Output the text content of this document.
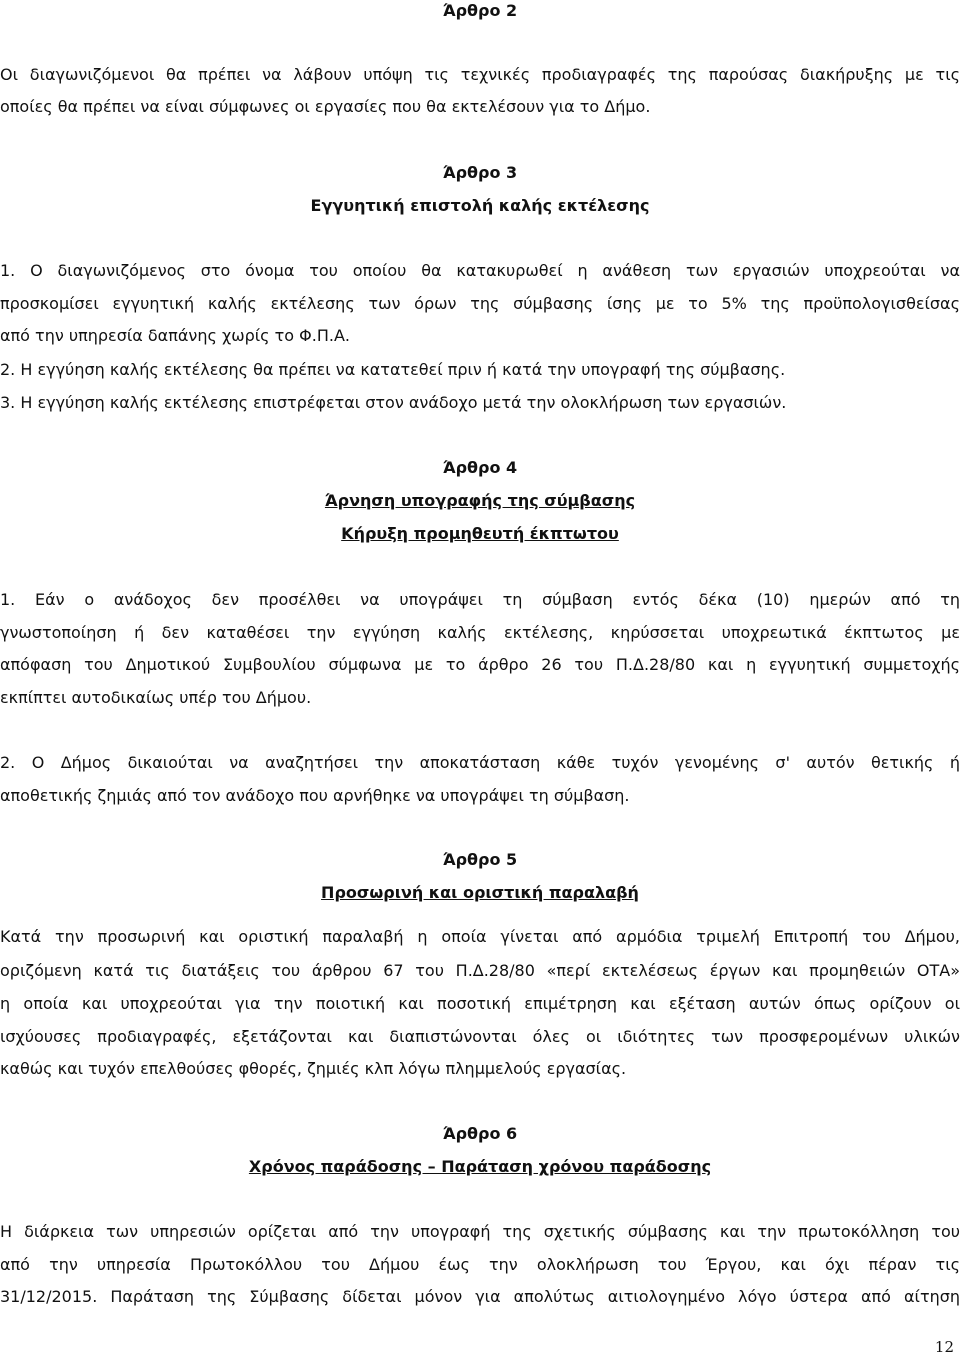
Άρθρο 2
Οι διαγωνιζόμενοι θα πρέπει να λάβουν υπόψη τις τεχνικές προδιαγραφές της παρούσας διακήρυξης με τις
οποίες θα πρέπει να είναι σύμφωνες οι εργασίες που θα εκτελέσουν για το Δήμο.
Άρθρο 3
Εγγυητική επιστολή καλής εκτέλεσης
1. Ο διαγωνιζόμενος στο όνομα του οποίου θα κατακυρωθεί η ανάθεση των εργασιών υποχρεούται να
προσκομίσει εγγυητική καλής εκτέλεσης των όρων της σύμβασης ίσης με το 5% της προϋπολογισθείσας
από την υπηρεσία δαπάνης χωρίς το Φ.Π.Α.
2. Η εγγύηση καλής εκτέλεσης θα πρέπει να κατατεθεί πριν ή κατά την υπογραφή της σύμβασης.
3. Η εγγύηση καλής εκτέλεσης επιστρέφεται στον ανάδοχο μετά την ολοκλήρωση των εργασιών.
Άρθρο 4
Άρνηση υπογραφής της σύμβασης
Κήρυξη προμηθευτή έκπτωτου
1. Εάν ο ανάδοχος δεν προσέλθει να υπογράψει τη σύμβαση εντός δέκα (10) ημερών από τη
γνωστοποίηση ή δεν καταθέσει την εγγύηση καλής εκτέλεσης, κηρύσσεται υποχρεωτικά έκπτωτος με
απόφαση του Δημοτικού Συμβουλίου σύμφωνα με το άρθρο 26 του Π.Δ.28/80 και η εγγυητική συμμετοχής
εκπίπτει αυτοδικαίως υπέρ του Δήμου.
2. Ο Δήμος δικαιούται να αναζητήσει την αποκατάσταση κάθε τυχόν γενομένης σ' αυτόν θετικής ή
αποθετικής ζημιάς από τον ανάδοχο που αρνήθηκε να υπογράψει τη σύμβαση.
Άρθρο 5
Προσωρινή και οριστική παραλαβή
Κατά την προσωρινή και οριστική παραλαβή η οποία γίνεται από αρμόδια τριμελή Επιτροπή του Δήμου,
οριζόμενη κατά τις διατάξεις του άρθρου 67 του Π.Δ.28/80 «περί εκτελέσεως έργων και προμηθειών ΟΤΑ»
η οποία και υποχρεούται για την ποιοτική και ποσοτική επιμέτρηση και εξέταση αυτών όπως ορίζουν οι
ισχύουσες προδιαγραφές, εξετάζονται και διαπιστώνονται όλες οι ιδιότητες των προσφερομένων υλικών
καθώς και τυχόν επελθούσες φθορές, ζημιές κλπ λόγω πλημμελούς εργασίας.
Άρθρο 6
Χρόνος παράδοσης – Παράταση χρόνου παράδοσης
Η διάρκεια των υπηρεσιών ορίζεται από την υπογραφή της σχετικής σύμβασης και την πρωτοκόλληση του
από την υπηρεσία Πρωτοκόλλου του Δήμου έως την ολοκλήρωση του Έργου, και όχι πέραν τις
31/12/2015. Παράταση της Σύμβασης δίδεται μόνον για απολύτως αιτιολογημένο λόγο ύστερα από αίτηση
12
